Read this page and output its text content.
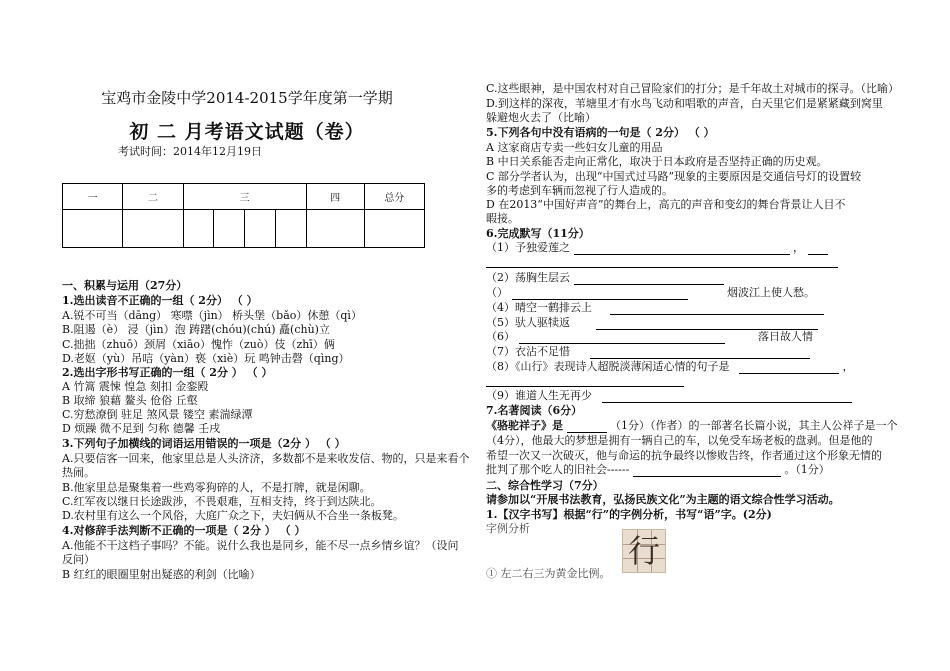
宝鸡市金陵中学2014-2015学年度第一学期
初 二 月考语文试题（卷）
考试时间：2014年12月19日
一	二	三				四	总分

一、积累与运用（27分）
1.选出读音不正确的一组（ 2分） （ ）
A.锐不可当（dāng） 寒噤（jìn） 桥头堡（bǎo）休憩（qì）
B.阻遏（è） 浸（jìn）泡 踌躇(chóu)(chú) 矗(chù)立
C.拙拙（zhuō）颈屑（xiāo）愧怍（zuò）伎（zhī）俩
D.老妪（yù）吊唁（yàn）亵（xiè）玩 鸣钟击磬（qìng）
2.选出字形书写正确的一组（ 2分 ） （ ）
A 竹篙 震悚 惶急 刻扣 金銮殿
B 取缔 狼藉 鳌头 伧俗 丘壑
C.穷愁潦倒 驻足 煞风景 镂空 素湍绿潭
D 烦躁 微不足到 匀称 德馨 壬戌
3.下列句子加横线的词语运用错误的一项是（2分 ） （ ）
A.只要信客一回来，他家里总是人头济济，多数都不是来收发信、物的，只是来看个
热闹。
B.他家里总是聚集着一些鸡零狗碎的人，不是打牌，就是闲聊。
C.红军夜以继日长途跋涉，不畏艰难，互相支持，终于到达陕北。
D.农村里有这么一个风俗，大庭广众之下，夫妇俩从不合坐一条板凳。
4.对修辞手法判断不正确的一项是（ 2分 ） （ ）
A.他能不干这档子事吗？不能。说什么我也是同乡，能不尽一点乡情乡谊？（设问
反问）
B 红红的眼圈里射出疑惑的利剑（比喻）
C.这些眼神，是中国农村对自己冒险家们的打分；是千年故土对城市的探寻。（比喻）
D.到这样的深夜，苇塘里才有水鸟飞动和唱歌的声音，白天里它们是紧紧藏到窝里
躲避炮火去了（比喻）
5.下列各句中没有语病的一句是（ 2分） （ ）
A 这家商店专卖一些妇女儿童的用品
B 中日关系能否走向正常化，取决于日本政府是否坚持正确的历史观。
C 部分学者认为，出现“中国式过马路”现象的主要原因是交通信号灯的设置较
多的考虑到车辆而忽视了行人造成的。
D 在2013“中国好声音”的舞台上，高亢的声音和变幻的舞台背景让人目不
暇接。
6.完成默写（11分）
（1）予独爱莲之	，
（2）荡胸生层云
（）	烟波江上使人愁。
（4）晴空一鹤排云上
（5）驮人驱犊返
（6）	落日故人情
（7）衣沾不足惜
（8）《山行》表现诗人超脱淡薄闲适心情的句子是	，
（9）谁道人生无再少
7.名著阅读（6分）
《骆驼祥子》是	（1分）（作者）的一部著名长篇小说，其主人公祥子是一个
（4分），他最大的梦想是拥有一辆自己的车，以免受车场老板的盘剥。但是他的
希望一次又一次破灭，他与命运的抗争最终以惨败告终，作者通过这个形象无情的
批判了那个吃人的旧社会------	。（1分）
二、综合性学习（7分）
请参加以“开展书法教育，弘扬民族文化”为主题的语文综合性学习活动。
1.【汉字书写】根据“行”的字例分析，书写“语”字。(2分)
字例分析
① 左二右三为黄金比例。
行
